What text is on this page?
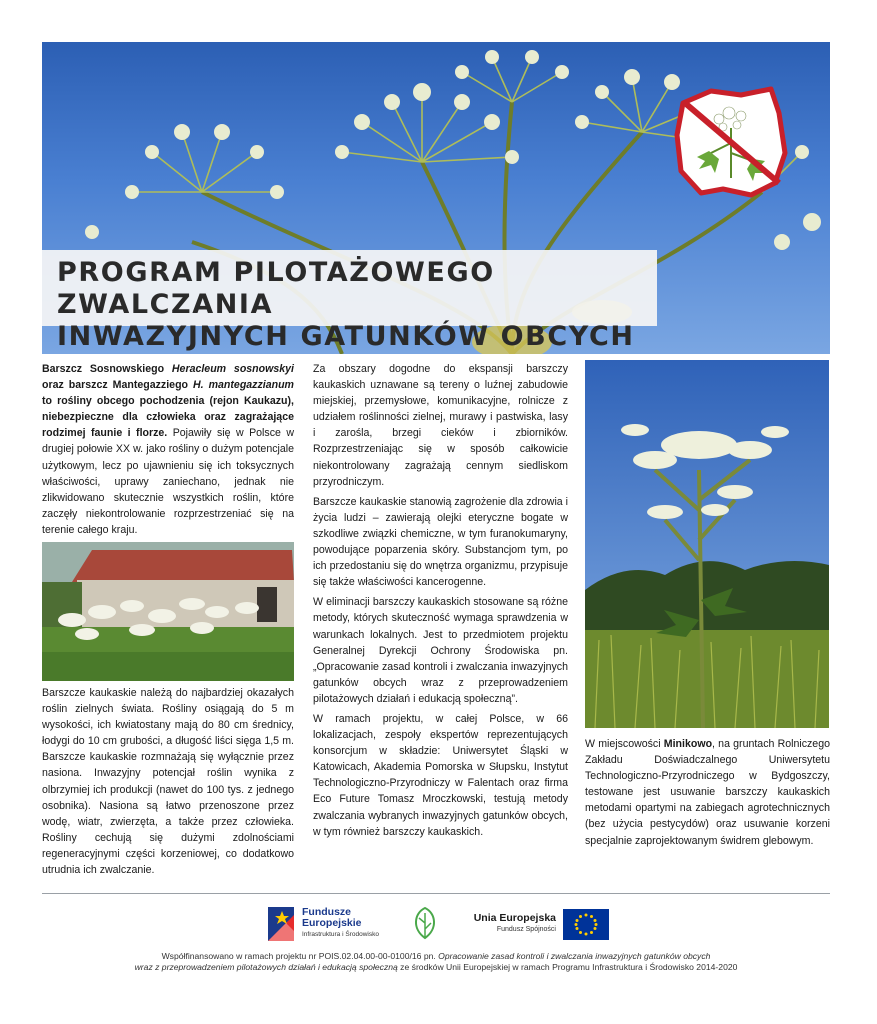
PROGRAM PILOTAŻOWEGO ZWALCZANIA
INWAZYJNYCH GATUNKÓW OBCYCH
Barszcz Sosnowskiego Heracleum sosnowskyi oraz barszcz Mantegazziego H. mantegazzianum to rośliny obcego pochodzenia (rejon Kaukazu), niebezpieczne dla człowieka oraz zagrażające rodzimej faunie i florze. Pojawiły się w Polsce w drugiej połowie XX w. jako rośliny o dużym potencjale użytkowym, lecz po ujawnieniu się ich toksycznych właściwości, uprawy zaniechano, jednak nie zlikwidowano skutecznie wszystkich roślin, które zaczęły niekontrolowanie rozprzestrzeniać się na terenie całego kraju.
Barszcze kaukaskie należą do najbardziej okazałych roślin zielnych świata. Rośliny osiągają do 5 m wysokości, ich kwiatostany mają do 80 cm średnicy, łodygi do 10 cm grubości, a długość liści sięga 1,5 m. Barszcze kaukaskie rozmnażają się wyłącznie przez nasiona. Inwazyjny potencjał roślin wynika z olbrzymiej ich produkcji (nawet do 100 tys. z jednego osobnika). Nasiona są łatwo przenoszone przez wodę, wiatr, zwierzęta, a także przez człowieka. Rośliny cechują się dużymi zdolnościami regeneracyjnymi części korzeniowej, co dodatkowo utrudnia ich zwalczanie.

Za obszary dogodne do ekspansji barszczy kaukaskich uznawane są tereny o luźnej zabudowie miejskiej, przemysłowe, komunikacyjne, rolnicze z udziałem roślinności zielnej, murawy i pastwiska, lasy i zarośla, brzegi cieków i zbiorników. Rozprzestrzeniając się w sposób całkowicie niekontrolowany zagrażają cennym siedliskom przyrodniczym.

Barszcze kaukaskie stanowią zagrożenie dla zdrowia i życia ludzi – zawierają olejki eteryczne bogate w szkodliwe związki chemiczne, w tym furanokumaryny, powodujące poparzenia skóry. Substancjom tym, po ich przedostaniu się do wnętrza organizmu, przypisuje się także właściwości kancerogenne.

W eliminacji barszczy kaukaskich stosowane są różne metody, których skuteczność wymaga sprawdzenia w warunkach lokalnych. Jest to przedmiotem projektu Generalnej Dyrekcji Ochrony Środowiska pn. „Opracowanie zasad kontroli i zwalczania inwazyjnych gatunków obcych wraz z przeprowadzeniem pilotażowych działań i edukacją społeczną”.

W ramach projektu, w całej Polsce, w 66 lokalizacjach, zespoły ekspertów reprezentujących konsorcjum w składzie: Uniwersytet Śląski w Katowicach, Akademia Pomorska w Słupsku, Instytut Technologiczno-Przyrodniczy w Falentach oraz firma Eco Future Tomasz Mroczkowski, testują metody zwalczania wybranych inwazyjnych gatunków obcych, w tym również barszczy kaukaskich.

W miejscowości Minikowo, na gruntach Rolniczego Zakładu Doświadczalnego Uniwersytetu Technologiczno-Przyrodniczego w Bydgoszczy, testowane jest usuwanie barszczy kaukaskich metodami opartymi na zabiegach agrotechnicznych (bez użycia pestycydów) oraz usuwanie korzeni specjalnie zaprojektowanym świdrem glebowym.
Fundusze
Europejskie
Infrastruktura i Środowisko
Unia Europejska
Fundusz Spójności

Współfinansowano w ramach projektu nr POIS.02.04.00-00-0100/16 pn. Opracowanie zasad kontroli i zwalczania inwazyjnych gatunków obcych
wraz z przeprowadzeniem pilotażowych działań i edukacją społeczną ze środków Unii Europejskiej w ramach Programu Infrastruktura i Środowisko 2014-2020
